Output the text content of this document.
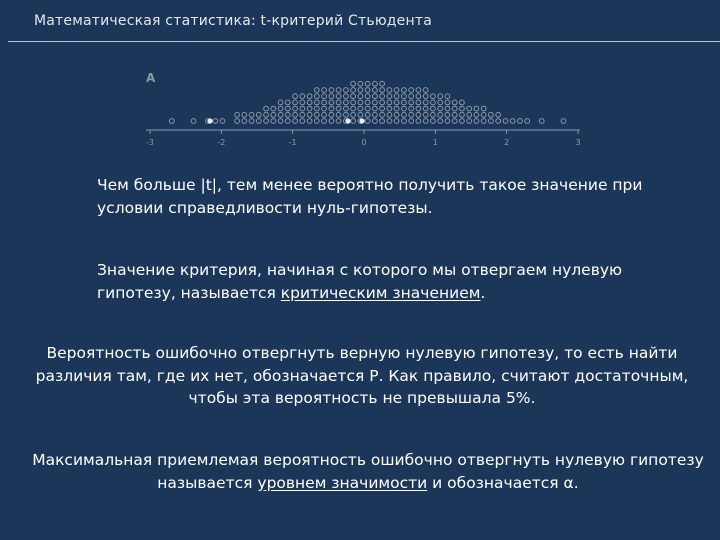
Математическая статистика: t-критерий Стьюдента
A
-3	-2	-1	0	1	2	3
Чем больше |t|, тем менее вероятно получить такое значение при условии справедливости нуль-гипотезы.
Значение критерия, начиная с которого мы отвергаем нулевую гипотезу, называется критическим значением.
Вероятность ошибочно отвергнуть верную нулевую гипотезу, то есть найти различия там, где их нет, обозначается Р. Как правило, считают достаточным, чтобы эта вероятность не превышала 5%.
Максимальная приемлемая вероятность ошибочно отвергнуть нулевую гипотезу называется уровнем значимости и обозначается α.
